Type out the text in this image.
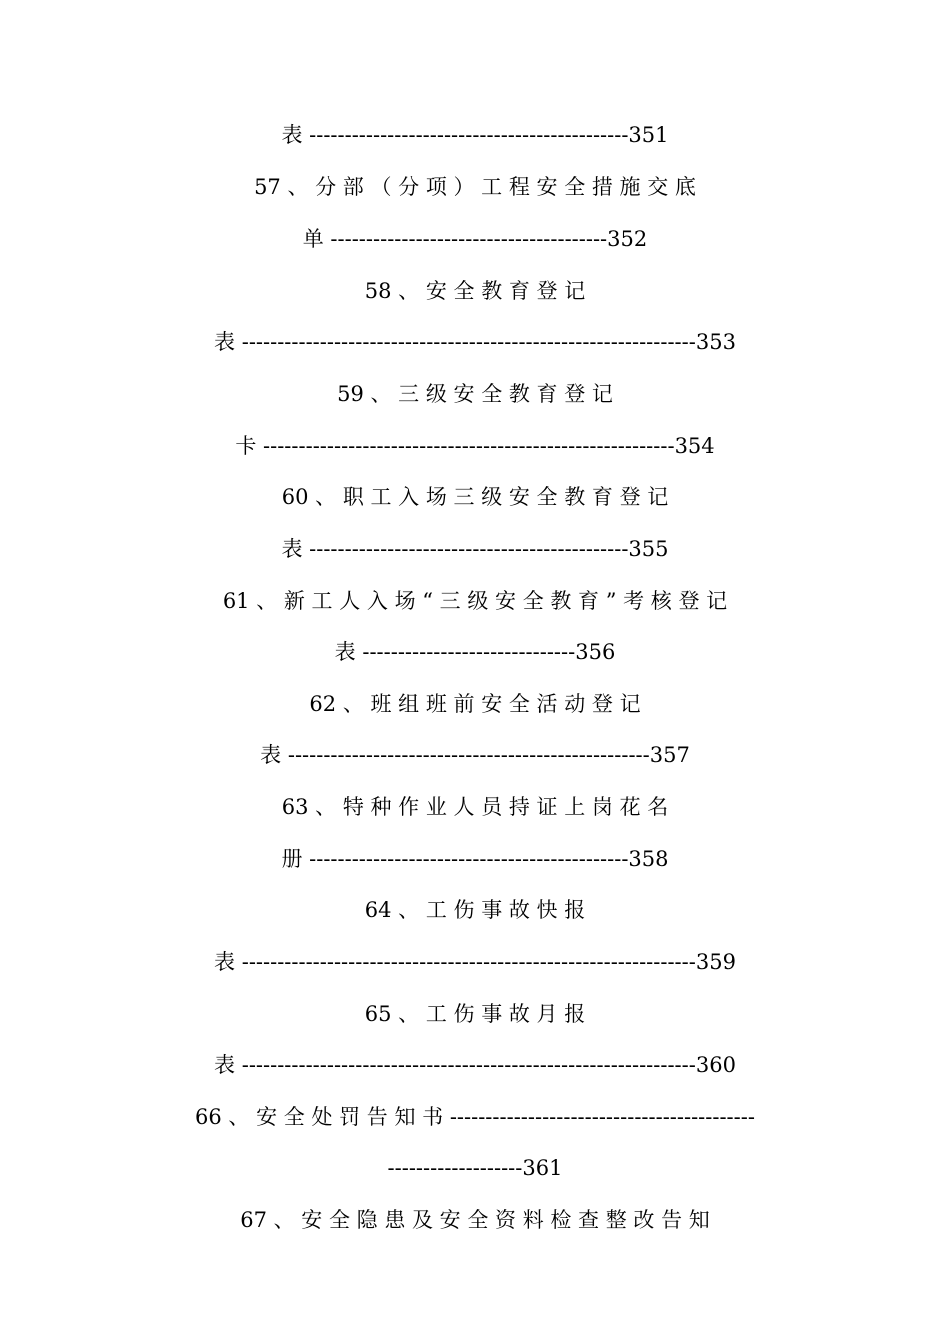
表 ---------------------------------------------351
57 、 分 部 （ 分 项 ） 工 程 安 全 措 施 交 底
单 ---------------------------------------352
58 、 安 全 教 育 登 记
表 ----------------------------------------------------------------353
59 、 三 级 安 全 教 育 登 记
卡 ----------------------------------------------------------354
60 、 职 工 入 场 三 级 安 全 教 育 登 记
表 ---------------------------------------------355
61 、 新 工 人 入 场 “ 三 级 安 全 教 育 ” 考 核 登 记
表 ------------------------------356
62 、 班 组 班 前 安 全 活 动 登 记
表 ---------------------------------------------------357
63 、 特 种 作 业 人 员 持 证 上 岗 花 名
册 ---------------------------------------------358
64 、 工 伤 事 故 快 报
表 ----------------------------------------------------------------359
65 、 工 伤 事 故 月 报
表 ----------------------------------------------------------------360
66 、 安 全 处 罚 告 知 书 -------------------------------------------
-------------------361
67 、 安 全 隐 患 及 安 全 资 料 检 查 整 改 告 知
